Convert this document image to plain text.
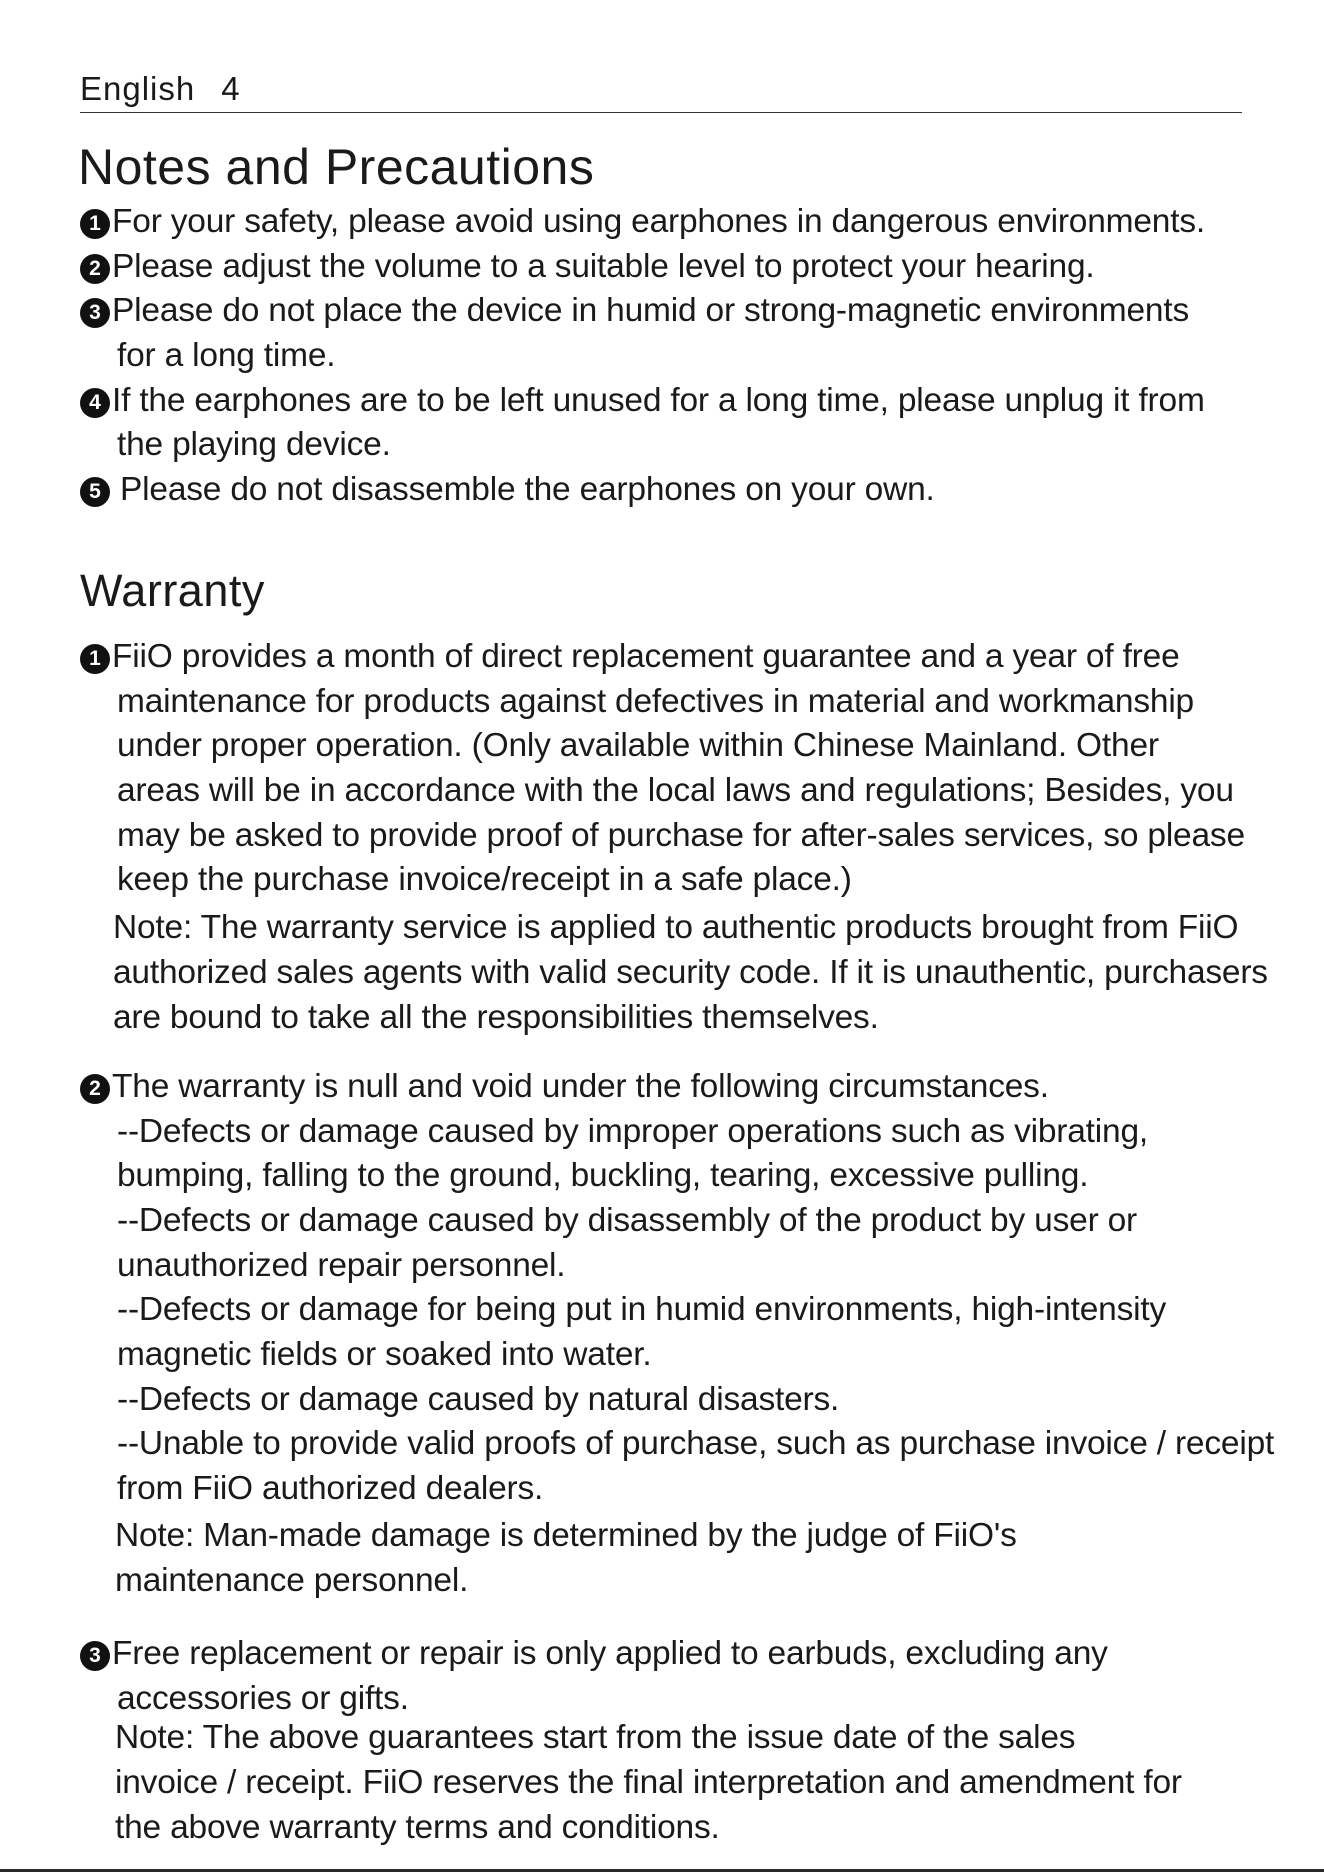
English 4
Notes and Precautions
1 For your safety, please avoid using earphones in dangerous environments.
2 Please adjust the volume to a suitable level to protect your hearing.
3 Please do not place the device in humid or strong-magnetic environments
for a long time.
4 If the earphones are to be left unused for a long time, please unplug it from
the playing device.
5 Please do not disassemble the earphones on your own.
Warranty
1 FiiO provides a month of direct replacement guarantee and a year of free
maintenance for products against defectives in material and workmanship
under proper operation. (Only available within Chinese Mainland. Other
areas will be in accordance with the local laws and regulations; Besides, you
may be asked to provide proof of purchase for after-sales services, so please
keep the purchase invoice/receipt in a safe place.)
Note: The warranty service is applied to authentic products brought from FiiO
authorized sales agents with valid security code. If it is unauthentic, purchasers
are bound to take all the responsibilities themselves.
2 The warranty is null and void under the following circumstances.
--Defects or damage caused by improper operations such as vibrating,
bumping, falling to the ground, buckling, tearing, excessive pulling.
--Defects or damage caused by disassembly of the product by user or
unauthorized repair personnel.
--Defects or damage for being put in humid environments, high-intensity
magnetic fields or soaked into water.
--Defects or damage caused by natural disasters.
--Unable to provide valid proofs of purchase, such as purchase invoice / receipt
from FiiO authorized dealers.
Note: Man-made damage is determined by the judge of FiiO's
maintenance personnel.
3 Free replacement or repair is only applied to earbuds, excluding any
accessories or gifts.
Note: The above guarantees start from the issue date of the sales
invoice / receipt. FiiO reserves the final interpretation and amendment for
the above warranty terms and conditions.
